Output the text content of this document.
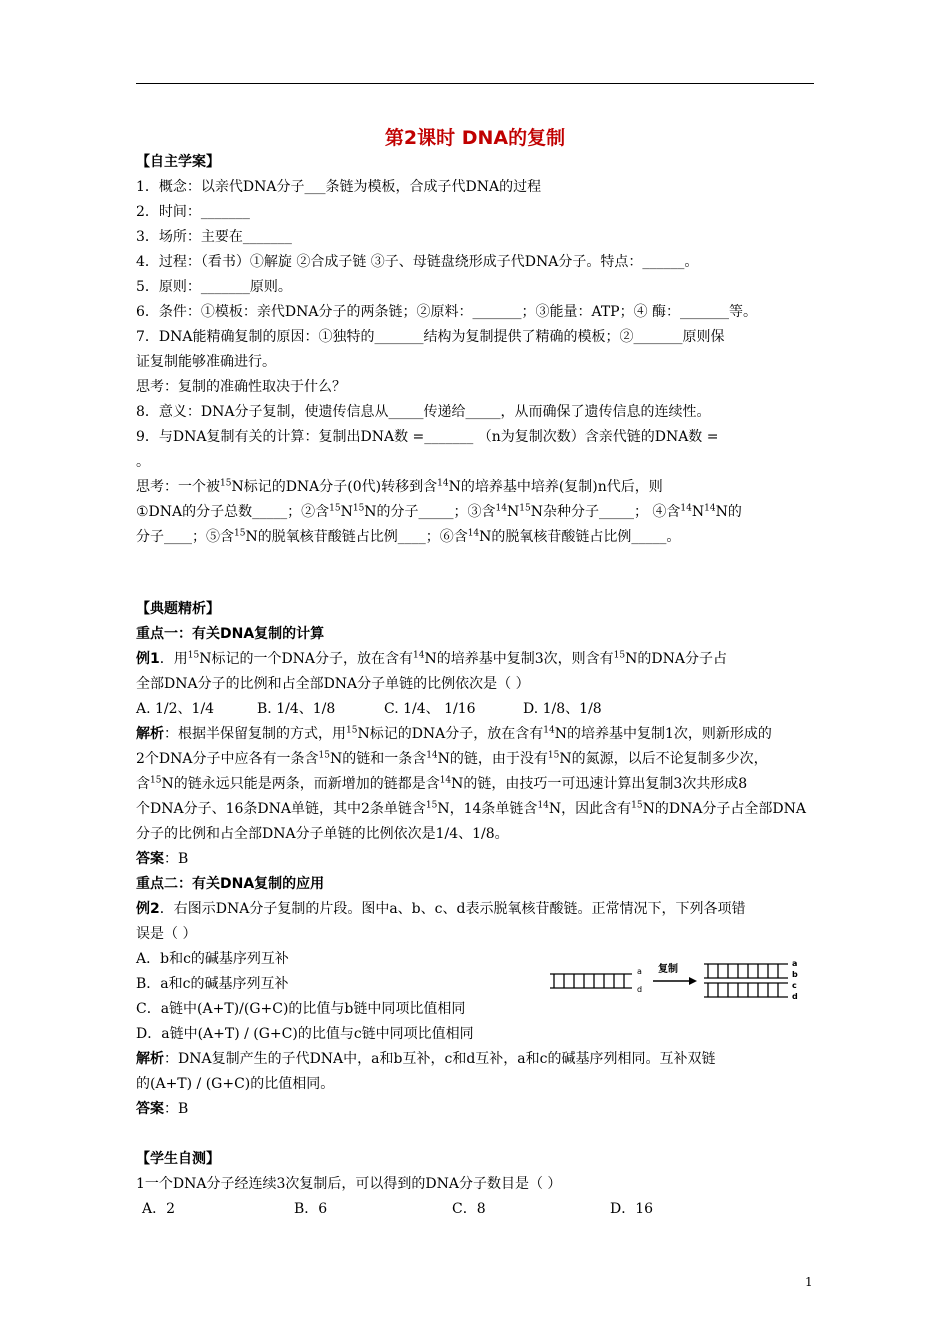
第2课时 DNA的复制
【自主学案】
1．概念：以亲代DNA分子___条链为模板，合成子代DNA的过程
2．时间：_______
3．场所：主要在_______
4．过程：（看书）①解旋 ②合成子链 ③子、母链盘绕形成子代DNA分子。特点：______。
5．原则：_______原则。
6．条件：①模板：亲代DNA分子的两条链；②原料：_______；③能量：ATP；④ 酶：_______等。
7．DNA能精确复制的原因：①独特的_______结构为复制提供了精确的模板；②_______原则保
证复制能够准确进行。
思考：复制的准确性取决于什么？
8．意义：DNA分子复制，使遗传信息从_____传递给_____，从而确保了遗传信息的连续性。
9．与DNA复制有关的计算：复制出DNA数 =_______ （n为复制次数）含亲代链的DNA数 =
。
思考：一个被$^{15}$N标记的DNA分子(0代)转移到含$^{14}$N的培养基中培养(复制)n代后，则
①DNA的分子总数_____；②含$^{15}N^{15}N$的分子_____；③含$^{14}N^{15}N$杂种分子_____； ④含$^{14}N^{14}N$的
分子____；⑤含$^{15}$N的脱氧核苷酸链占比例____；⑥含$^{14}$N的脱氧核苷酸链占比例_____。
【典题精析】
重点一：有关DNA复制的计算
例1．用$^{15}$N标记的一个DNA分子，放在含有$^{14}$N的培养基中复制3次，则含有$^{15}$N的DNA分子占
全部DNA分子的比例和占全部DNA分子单链的比例依次是（ ）
A. 1/2、1/4	B. 1/4、1/8	C. 1/4、 1/16	D. 1/8、1/8
解析：根据半保留复制的方式，用$^{15}$N标记的DNA分子，放在含有$^{14}$N的培养基中复制1次，则新形成的
2个DNA分子中应各有一条含$^{15}$N的链和一条含$^{14}$N的链，由于没有$^{15}$N的氮源，以后不论复制多少次，
含$^{15}$N的链永远只能是两条，而新增加的链都是含$^{14}$N的链，由技巧一可迅速计算出复制3次共形成8
个DNA分子、16条DNA单链，其中2条单链含$^{15}$N，14条单链含$^{14}$N，因此含有$^{15}$N的DNA分子占全部DNA
分子的比例和占全部DNA分子单链的比例依次是1/4、1/8。
答案：B
重点二：有关DNA复制的应用
例2．右图示DNA分子复制的片段。图中a、b、c、d表示脱氧核苷酸链。正常情况下，下列各项错
误是（ ）
A．b和c的碱基序列互补
B．a和c的碱基序列互补
C．a链中(A+T)/(G+C)的比值与b链中同项比值相同
D．a链中(A+T) / (G+C)的比值与c链中同项比值相同
解析：DNA复制产生的子代DNA中，a和b互补，c和d互补，a和c的碱基序列相同。互补双链
的(A+T) / (G+C)的比值相同。
答案：B
a
d
复制
a
b
c
d
【学生自测】
1一个DNA分子经连续3次复制后，可以得到的DNA分子数目是（ ）
A．2	B．6	C．8	D．16
1
